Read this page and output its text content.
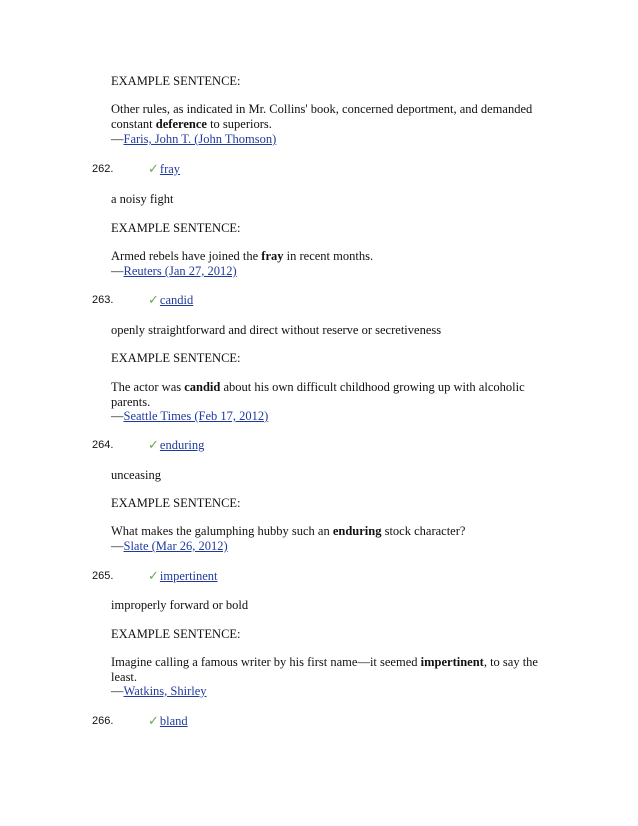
EXAMPLE SENTENCE:
Other rules, as indicated in Mr. Collins' book, concerned deportment, and demanded
constant deference to superiors.
—Faris, John T. (John Thomson)
262.	✓fray
a noisy fight
EXAMPLE SENTENCE:
Armed rebels have joined the fray in recent months.
—Reuters (Jan 27, 2012)
263.	✓candid
openly straightforward and direct without reserve or secretiveness
EXAMPLE SENTENCE:
The actor was candid about his own difficult childhood growing up with alcoholic
parents.
—Seattle Times (Feb 17, 2012)
264.	✓enduring
unceasing
EXAMPLE SENTENCE:
What makes the galumphing hubby such an enduring stock character?
—Slate (Mar 26, 2012)
265.	✓impertinent
improperly forward or bold
EXAMPLE SENTENCE:
Imagine calling a famous writer by his first name—it seemed impertinent, to say the
least.
—Watkins, Shirley
266.	✓bland
